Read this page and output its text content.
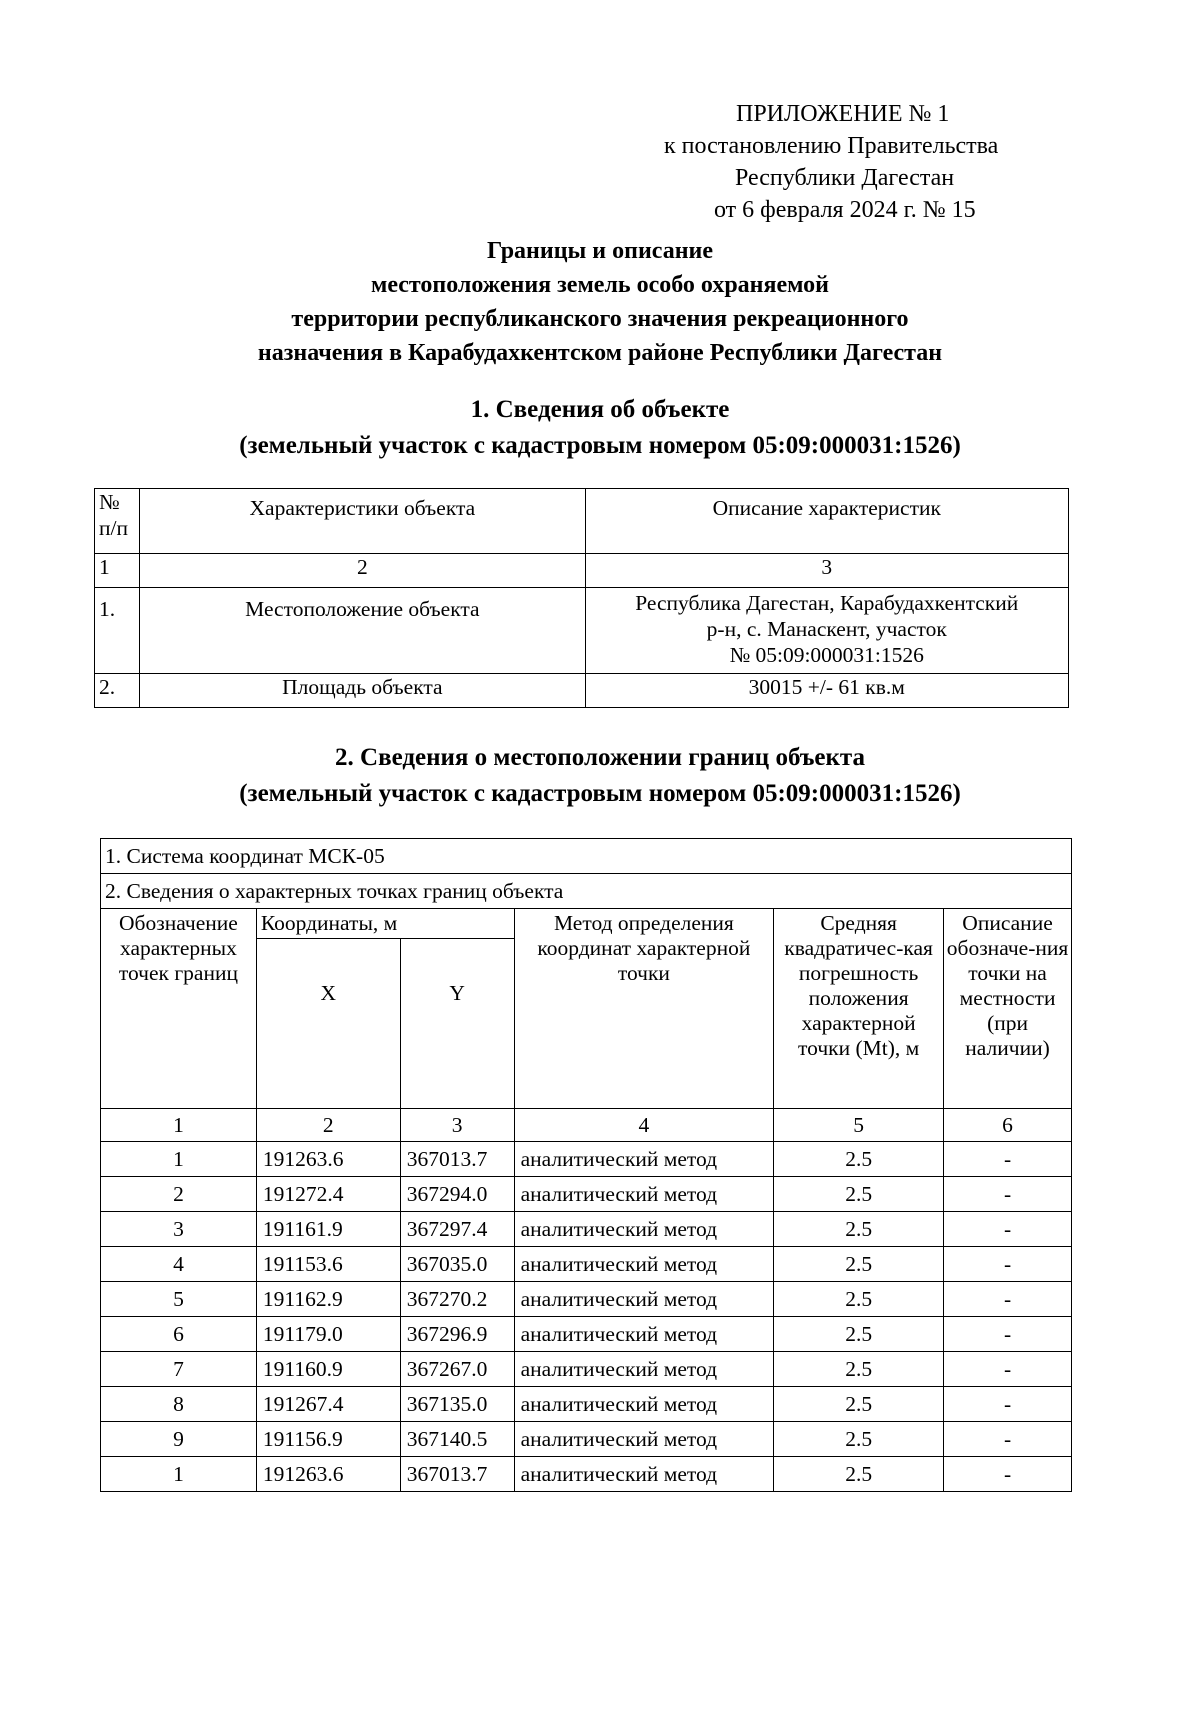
ПРИЛОЖЕНИЕ № 1
к постановлению Правительства
Республики Дагестан
от 6 февраля 2024 г. № 15
Границы и описание
местоположения земель особо охраняемой
территории республиканского значения рекреационного
назначения в Карабудахкентском районе Республики Дагестан
1. Сведения об объекте
(земельный участок с кадастровым номером 05:09:000031:1526)
№ п/п	Характеристики объекта	Описание характеристик
1	2	3
1.	Местоположение объекта	Республика Дагестан, Карабудахкентский
р-н, с. Манаскент, участок
№ 05:09:000031:1526

2.	Площадь объекта	30015 +/- 61 кв.м
2. Сведения о местоположении границ объекта
(земельный участок с кадастровым номером 05:09:000031:1526)
1. Система координат МСК-05					
2. Сведения о характерных точках границ объекта					
Обозначение характерных точек границ	Координаты, м		Метод определения координат характерной точки	Средняя квадратичес-кая погрешность положения характерной точки (Mt), м	Описание обозначе-ния точки на местности (при наличии)
	X	Y			
1	2	3	4	5	6
1	191263.6	367013.7	аналитический метод	2.5	-
2	191272.4	367294.0	аналитический метод	2.5	-
3	191161.9	367297.4	аналитический метод	2.5	-
4	191153.6	367035.0	аналитический метод	2.5	-
5	191162.9	367270.2	аналитический метод	2.5	-
6	191179.0	367296.9	аналитический метод	2.5	-
7	191160.9	367267.0	аналитический метод	2.5	-
8	191267.4	367135.0	аналитический метод	2.5	-
9	191156.9	367140.5	аналитический метод	2.5	-
1	191263.6	367013.7	аналитический метод	2.5	-
